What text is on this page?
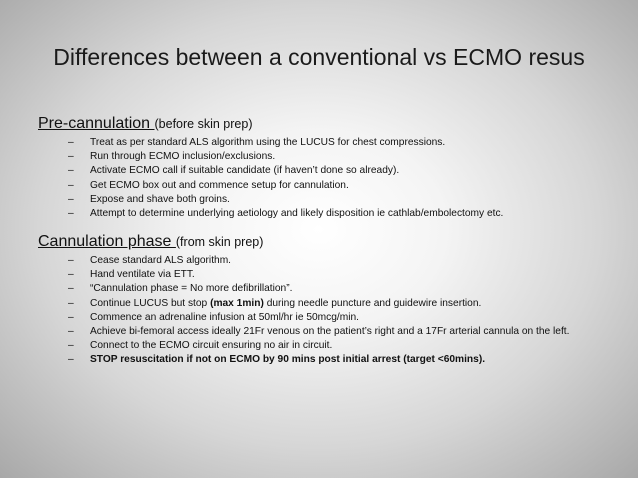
Differences between a conventional vs ECMO resus
Pre-cannulation (before skin prep)
– Treat as per standard ALS algorithm using the LUCUS for chest compressions.
– Run through ECMO inclusion/exclusions.
– Activate ECMO call if suitable candidate (if haven’t done so already).
– Get ECMO box out and commence setup for cannulation.
– Expose and shave both groins.
– Attempt to determine underlying aetiology and likely disposition ie cathlab/embolectomy etc.
Cannulation phase (from skin prep)
– Cease standard ALS algorithm.
– Hand ventilate via ETT.
– “Cannulation phase = No more defibrillation”.
– Continue LUCUS but stop (max 1min) during needle puncture and guidewire insertion.
– Commence an adrenaline infusion at 50ml/hr ie 50mcg/min.
– Achieve bi-femoral access ideally 21Fr venous on the patient’s right and a 17Fr arterial cannula on the left.
– Connect to the ECMO circuit ensuring no air in circuit.
– STOP resuscitation if not on ECMO by 90 mins post initial arrest (target <60mins).
